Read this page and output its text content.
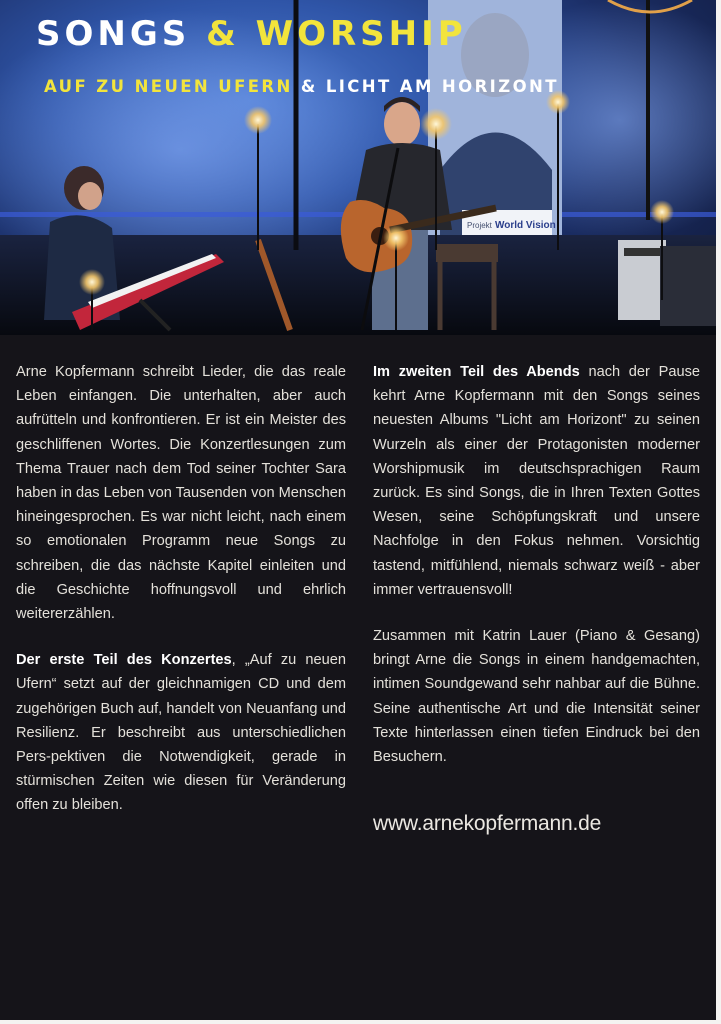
Projekt World Vision
SONGS & WORSHIP
AUF ZU NEUEN UFERN & LICHT AM HORIZONT

Arne Kopfermann schreibt Lieder, die das reale Leben einfangen. Die unterhalten, aber auch aufrütteln und konfrontieren. Er ist ein Meister des geschliffenen Wortes. Die Konzertlesungen zum Thema Trauer nach dem Tod seiner Tochter Sara haben in das Leben von Tausenden von Menschen hineingesprochen. Es war nicht leicht, nach einem so emotionalen Programm neue Songs zu schreiben, die das nächste Kapitel einleiten und die Geschichte hoffnungsvoll und ehrlich weitererzählen.

Der erste Teil des Konzertes, „Auf zu neuen Ufern“ setzt auf der gleichnamigen CD und dem zugehörigen Buch auf, handelt von Neuanfang und Resilienz. Er beschreibt aus unterschiedlichen Pers-pektiven die Notwendigkeit, gerade in stürmischen Zeiten wie diesen für Veränderung offen zu bleiben.

Im zweiten Teil des Abends nach der Pause kehrt Arne Kopfermann mit den Songs seines neuesten Albums "Licht am Horizont" zu seinen Wurzeln als einer der Protagonisten moderner Worshipmusik im deutschsprachigen Raum zurück. Es sind Songs, die in Ihren Texten Gottes Wesen, seine Schöpfungskraft und unsere Nachfolge in den Fokus nehmen. Vorsichtig tastend, mitfühlend, niemals schwarz weiß - aber immer vertrauensvoll!

Zusammen mit Katrin Lauer (Piano & Gesang) bringt Arne die Songs in einem handgemachten, intimen Soundgewand sehr nahbar auf die Bühne. Seine authentische Art und die Intensität seiner Texte hinterlassen einen tiefen Eindruck bei den Besuchern.

www.arnekopfermann.de
